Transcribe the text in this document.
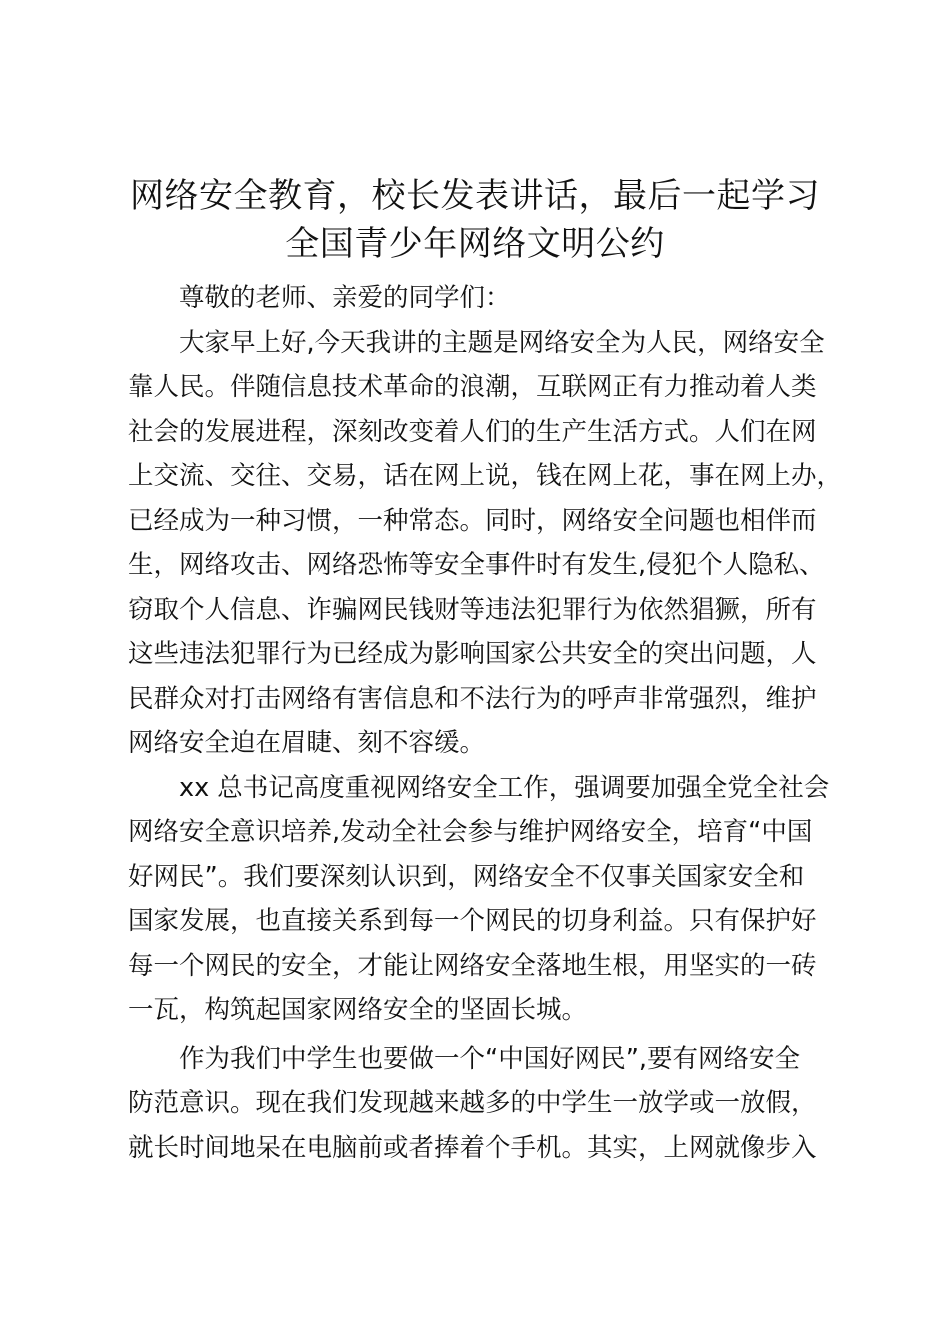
网络安全教育，校长发表讲话，最后一起学习
全国青少年网络文明公约
尊敬的老师、亲爱的同学们：
大家早上好,今天我讲的主题是网络安全为人民，网络安全
靠人民。伴随信息技术革命的浪潮，互联网正有力推动着人类
社会的发展进程，深刻改变着人们的生产生活方式。人们在网
上交流、交往、交易，话在网上说，钱在网上花，事在网上办，
已经成为一种习惯，一种常态。同时，网络安全问题也相伴而
生，网络攻击、网络恐怖等安全事件时有发生,侵犯个人隐私、
窃取个人信息、诈骗网民钱财等违法犯罪行为依然猖獗，所有
这些违法犯罪行为已经成为影响国家公共安全的突出问题，人
民群众对打击网络有害信息和不法行为的呼声非常强烈，维护
网络安全迫在眉睫、刻不容缓。
xx 总书记高度重视网络安全工作，强调要加强全党全社会
网络安全意识培养,发动全社会参与维护网络安全，培育“中国
好网民”。我们要深刻认识到，网络安全不仅事关国家安全和
国家发展，也直接关系到每一个网民的切身利益。只有保护好
每一个网民的安全，才能让网络安全落地生根，用坚实的一砖
一瓦，构筑起国家网络安全的坚固长城。
作为我们中学生也要做一个“中国好网民”,要有网络安全
防范意识。现在我们发现越来越多的中学生一放学或一放假，
就长时间地呆在电脑前或者捧着个手机。其实，上网就像步入
